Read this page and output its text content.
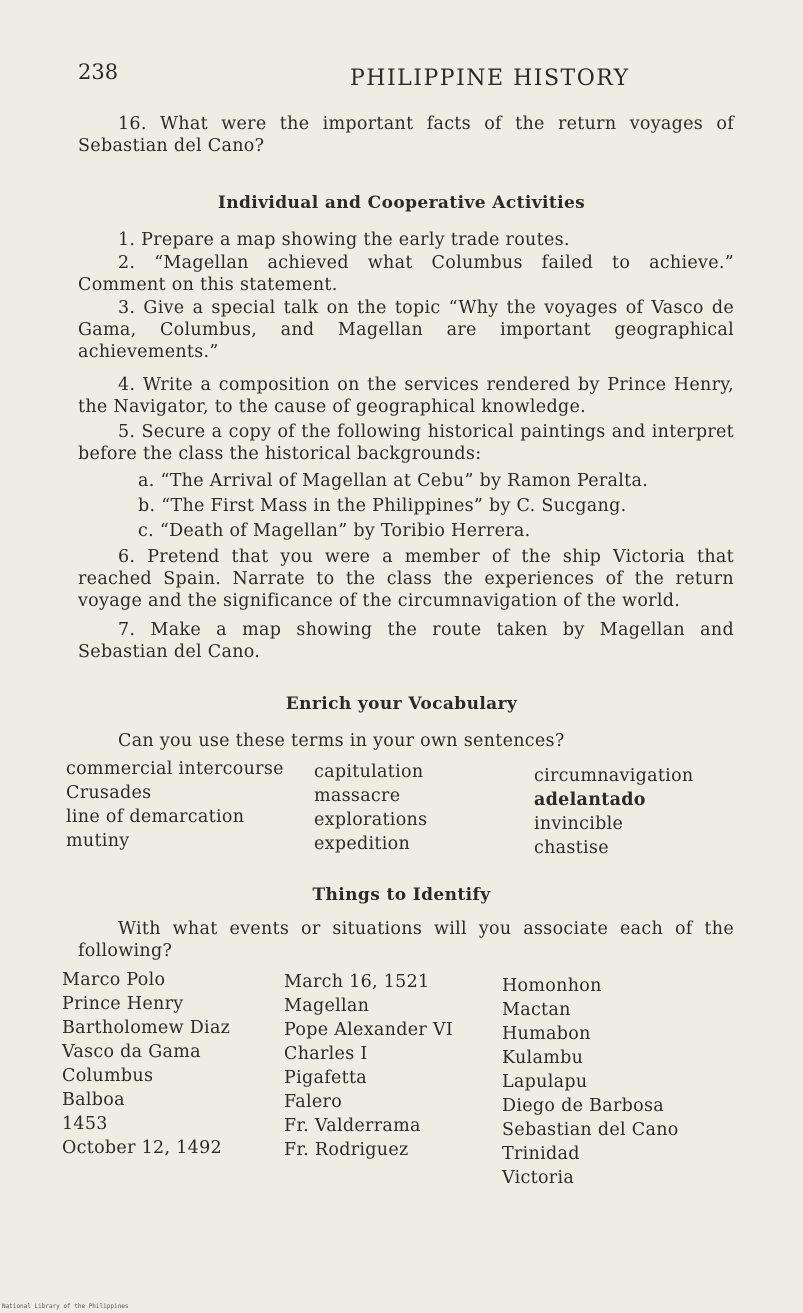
238	PHILIPPINE HISTORY
16. What were the important facts of the return voyages of Sebastian del Cano?
Individual and Cooperative Activities
1. Prepare a map showing the early trade routes.
2. “Magellan achieved what Columbus failed to achieve.” Comment on this statement.
3. Give a special talk on the topic “Why the voyages of Vasco de Gama, Columbus, and Magellan are important geographical achievements.”
4. Write a composition on the services rendered by Prince Henry, the Navigator, to the cause of geographical knowledge.
5. Secure a copy of the following historical paintings and interpret before the class the historical backgrounds:
a. “The Arrival of Magellan at Cebu” by Ramon Peralta.
b. “The First Mass in the Philippines” by C. Sucgang.
c. “Death of Magellan” by Toribio Herrera.
6. Pretend that you were a member of the ship Victoria that reached Spain. Narrate to the class the experiences of the return voyage and the significance of the circumnavigation of the world.
7. Make a map showing the route taken by Magellan and Sebastian del Cano.
Enrich your Vocabulary
Can you use these terms in your own sentences?
commercial intercourse
Crusades
line of demarcation
mutiny
capitulation
massacre
explorations
expedition
circumnavigation
adelantado
invincible
chastise
Things to Identify
With what events or situations will you associate each of the following?
Marco Polo
Prince Henry
Bartholomew Diaz
Vasco da Gama
Columbus
Balboa
1453
October 12, 1492
March 16, 1521
Magellan
Pope Alexander VI
Charles I
Pigafetta
Falero
Fr. Valderrama
Fr. Rodriguez
Homonhon
Mactan
Humabon
Kulambu
Lapulapu
Diego de Barbosa
Sebastian del Cano
Trinidad
Victoria
National Library of the Philippines
